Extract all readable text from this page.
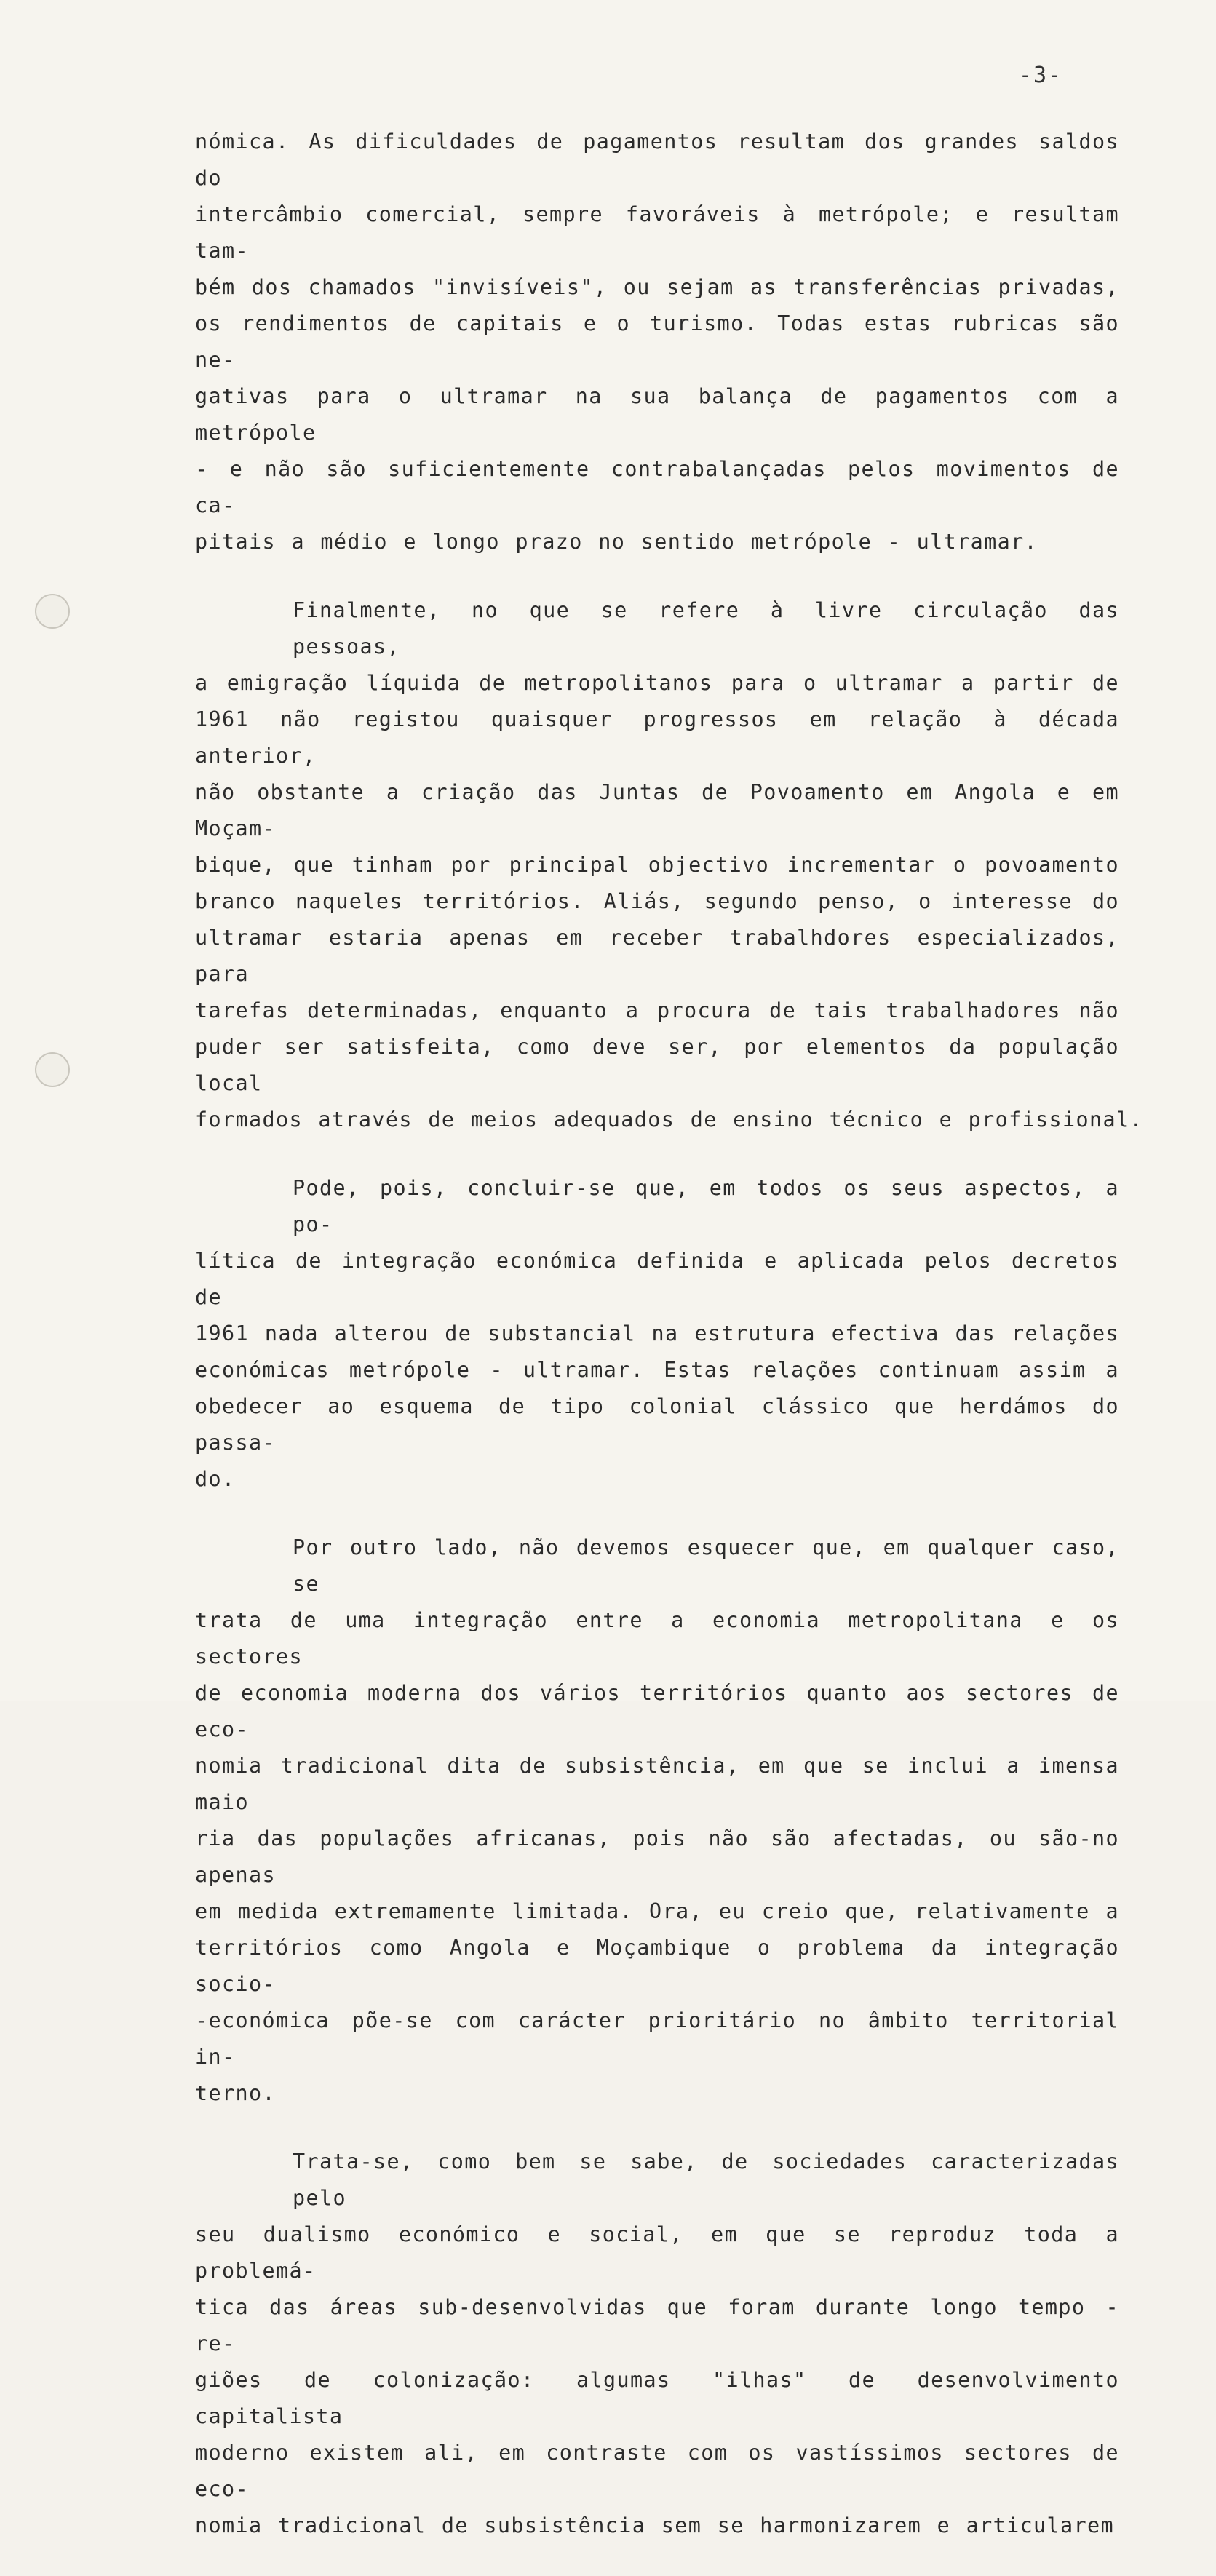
-3-
nómica. As dificuldades de pagamentos resultam dos grandes saldos do
intercâmbio comercial, sempre favoráveis à metrópole; e resultam tam-
bém dos chamados "invisíveis", ou sejam as transferências privadas,
os rendimentos de capitais e o turismo. Todas estas rubricas são ne-
gativas para o ultramar na sua balança de pagamentos com a metrópole
- e não são suficientemente contrabalançadas pelos movimentos de ca-
pitais a médio e longo prazo no sentido metrópole - ultramar.
Finalmente, no que se refere à livre circulação das pessoas,
a emigração líquida de metropolitanos para o ultramar a partir de
1961 não registou quaisquer progressos em relação à década anterior,
não obstante a criação das Juntas de Povoamento em Angola e em Moçam-
bique, que tinham por principal objectivo incrementar o povoamento
branco naqueles territórios. Aliás, segundo penso, o interesse do
ultramar estaria apenas em receber trabalhdores especializados, para
tarefas determinadas, enquanto a procura de tais trabalhadores não
puder ser satisfeita, como deve ser, por elementos da população local
formados através de meios adequados de ensino técnico e profissional.
Pode, pois, concluir-se que, em todos os seus aspectos, a po-
lítica de integração económica definida e aplicada pelos decretos de
1961 nada alterou de substancial na estrutura efectiva das relações
económicas metrópole - ultramar. Estas relações continuam assim a
obedecer ao esquema de tipo colonial clássico que herdámos do passa-
do.
Por outro lado, não devemos esquecer que, em qualquer caso, se
trata de uma integração entre a economia metropolitana e os sectores
de economia moderna dos vários territórios quanto aos sectores de eco-
nomia tradicional dita de subsistência, em que se inclui a imensa maio
ria das populações africanas, pois não são afectadas, ou são-no apenas
em medida extremamente limitada. Ora, eu creio que, relativamente a
territórios como Angola e Moçambique o problema da integração socio-
-económica põe-se com carácter prioritário no âmbito territorial in-
terno.
Trata-se, como bem se sabe, de sociedades caracterizadas pelo
seu dualismo económico e social, em que se reproduz toda a problemá-
tica das áreas sub-desenvolvidas que foram durante longo tempo - re-
giões de colonização: algumas "ilhas" de desenvolvimento capitalista
moderno existem ali, em contraste com os vastíssimos sectores de eco-
nomia tradicional de subsistência sem se harmonizarem e articularem
